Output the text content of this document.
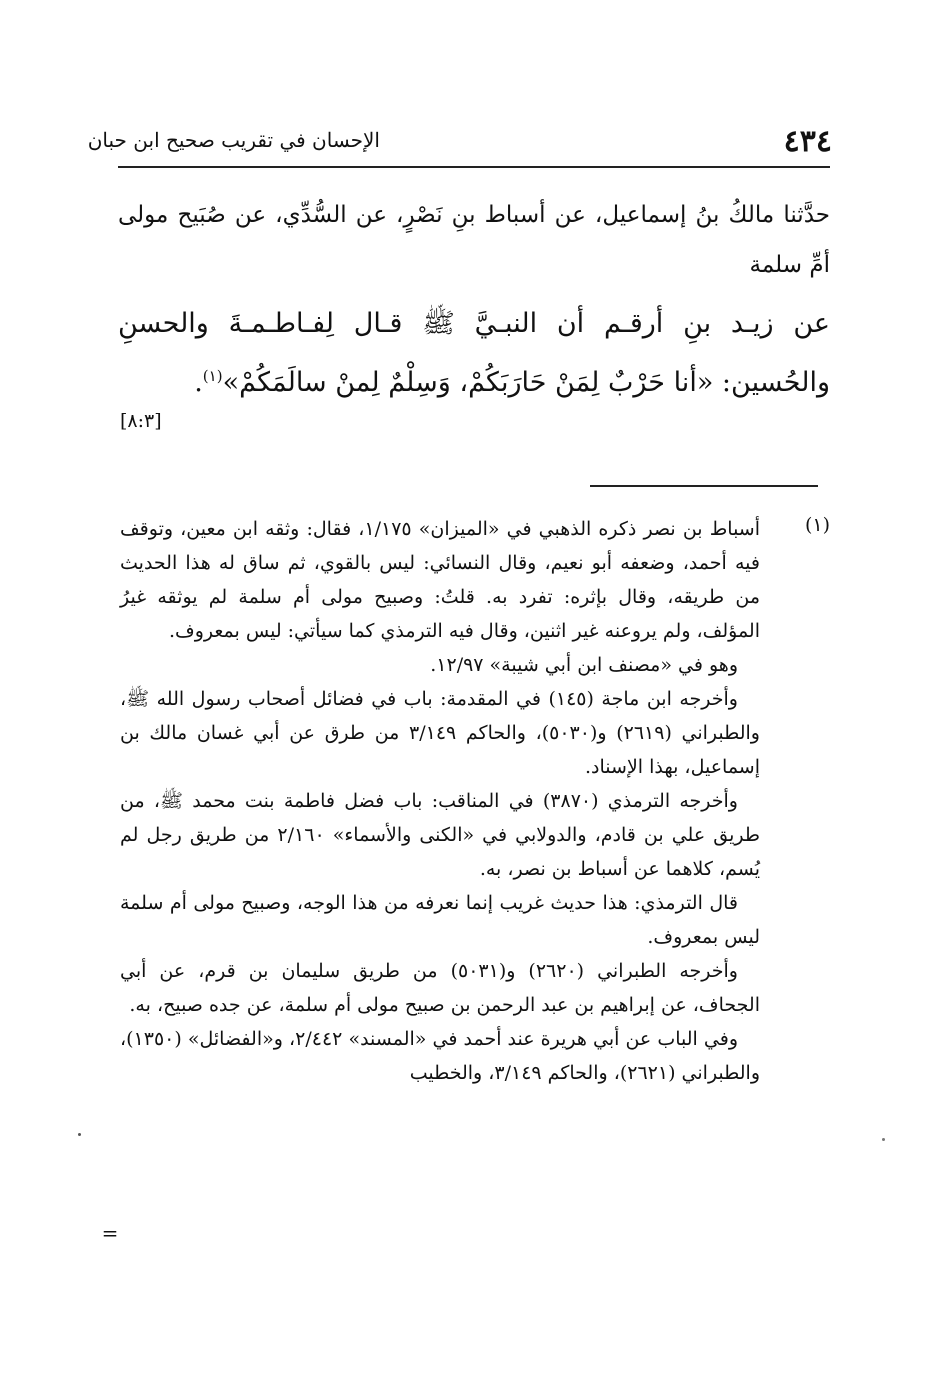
الإحسان في تقريب صحيح ابن حبان	٤٣٤
حدَّثنا مالكُ بنُ إسماعيل، عن أسباط بنِ نَصْرٍ، عن السُّدِّي، عن صُبَيح مولى أمِّ سلمة
عن زيـد بنِ أرقـم أن النبـيَّ ﷺ قـال لِفـاطـمـةَ والحسنِ والحُسين: «أنا حَرْبٌ لِمَنْ حَارَبَكُمْ، وَسِلْمٌ لِمنْ سالَمَكُمْ»$^{(١)}$.
[٨:٣]
(١)

أسباط بن نصر ذكره الذهبي في «الميزان» ١/١٧٥، فقال: وثقه ابن معين، وتوقف فيه أحمد، وضعفه أبو نعيم، وقال النسائي: ليس بالقوي، ثم ساق له هذا الحديث من طريقه، وقال بإثره: تفرد به. قلتُ: وصبيح مولى أم سلمة لم يوثقه غيرُ المؤلف، ولم يروعنه غير اثنين، وقال فيه الترمذي كما سيأتي: ليس بمعروف.

وهو في «مصنف ابن أبي شيبة» ١٢/٩٧.

وأخرجه ابن ماجة (١٤٥) في المقدمة: باب في فضائل أصحاب رسول الله ﷺ، والطبراني (٢٦١٩) و(٥٠٣٠)، والحاكم ٣/١٤٩ من طرق عن أبي غسان مالك بن إسماعيل، بهذا الإسناد.

وأخرجه الترمذي (٣٨٧٠) في المناقب: باب فضل فاطمة بنت محمد ﷺ، من طريق علي بن قادم، والدولابي في «الكنى والأسماء» ٢/١٦٠ من طريق رجل لم يُسم، كلاهما عن أسباط بن نصر، به.

قال الترمذي: هذا حديث غريب إنما نعرفه من هذا الوجه، وصبيح مولى أم سلمة ليس بمعروف.

وأخرجه الطبراني (٢٦٢٠) و(٥٠٣١) من طريق سليمان بن قرم، عن أبي الجحاف، عن إبراهيم بن عبد الرحمن بن صبيح مولى أم سلمة، عن جده صبيح، به.

وفي الباب عن أبي هريرة عند أحمد في «المسند» ٢/٤٤٢، و«الفضائل» (١٣٥٠)، والطبراني (٢٦٢١)، والحاكم ٣/١٤٩، والخطيب

=
